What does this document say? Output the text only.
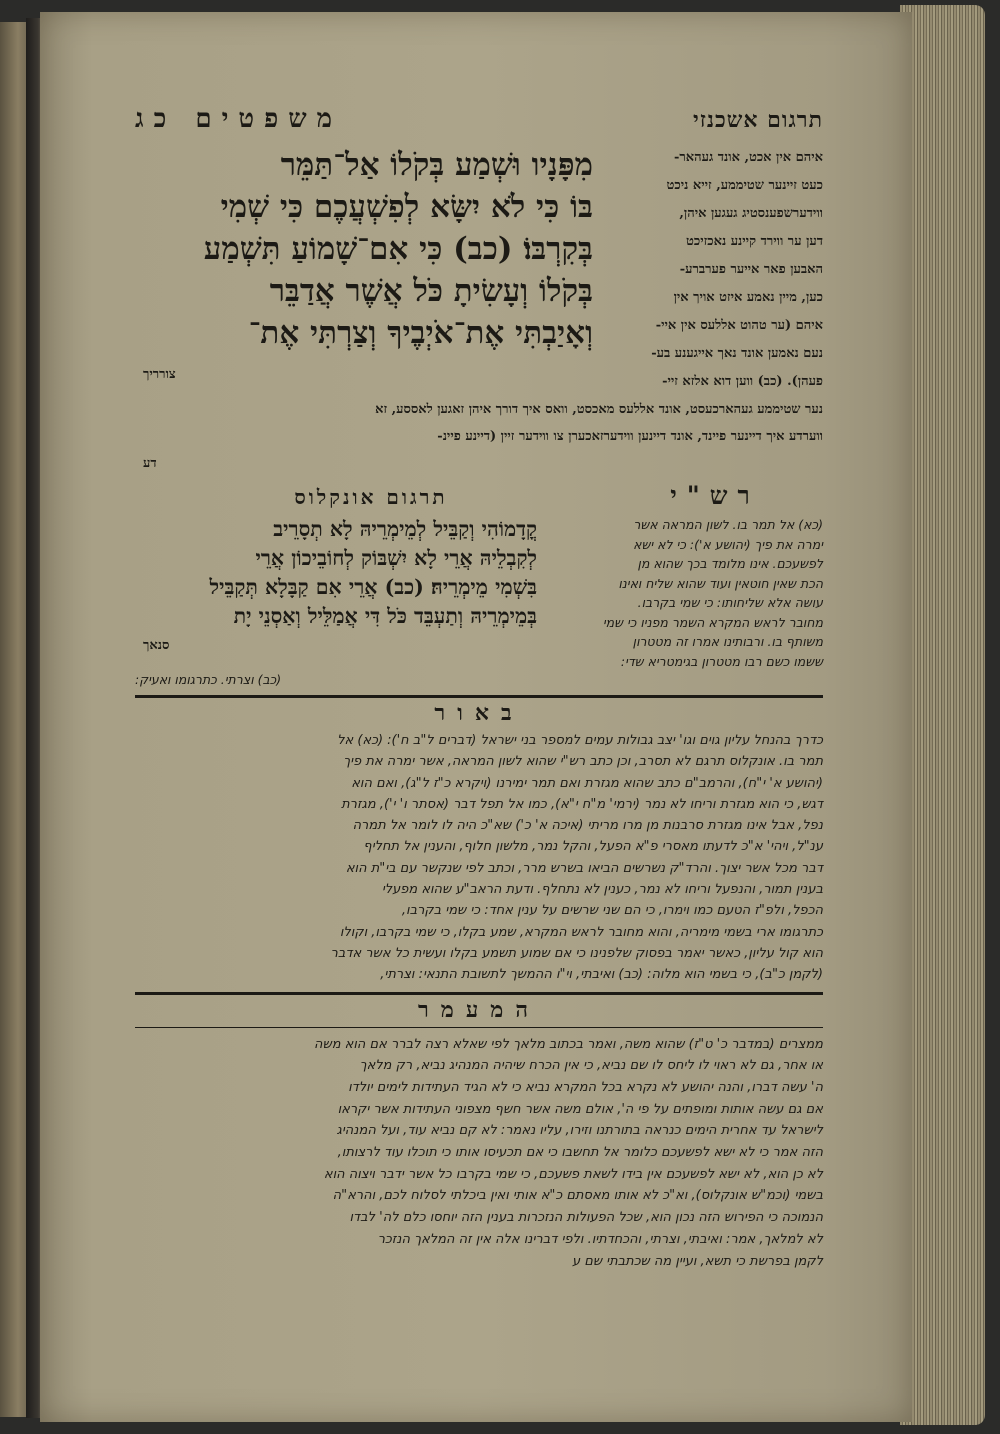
תרגום אשכנזי
משפטים כג
איהם אין אכט, אונד געהאר-
כעט זיינער שטיממע, זייא ניכט
ווידערשפענסטיג געגען איהן,
דען ער ווירד קיינע נאכזיכט
האבען פאר אייער פערברע-
כען, מיין נאמע איזט אויך אין
איהם (ער טהוט אללעס אין איי-
נעם נאמען אונד נאך אייגענע בע-
פעהן). (כב) ווען דוא אלזא זיי-
מִפָּנָיו וּשְׁמַע בְּקֹלוֹ אַל־תַּמֵּר
בּוֹ כִּי לֹא יִשָּׂא לְפִשְׁעֲכֶם כִּי שְׁמִי
בְּקִרְבּוֹ׃ (כב) כִּי אִם־שָׁמוֹעַ תִּשְׁמַע
בְּקֹלוֹ וְעָשִׂיתָ כֹּל אֲשֶׁר אֲדַבֵּר
וְאָיַבְתִּי אֶת־אֹיְבֶיךָ וְצַרְתִּי אֶת־
צורריך
נער שטיממע געהארכעסט, אונד אללעס מאכסט, וואס איך דורך איהן זאגען לאססע, זא
ווערדע איך דיינער פיינד, אונד דיינען ווידערזאכערן צו ווידער זיין (דיינע פיינ-
דע
רש"י
תרגום אונקלוס
(כא) אל תמר בו. לשון המראה אשר
ימרה את פיך (יהושע א'): כי לא ישא
לפשעכם. אינו מלומד בכך שהוא מן
הכת שאין חוטאין ועוד שהוא שליח ואינו
עושה אלא שליחותו: כי שמי בקרבו.
מחובר לראש המקרא השמר מפניו כי שמי
משותף בו. ורבותינו אמרו זה מטטרון
ששמו כשם רבו מטטרון בגימטריא שדי:
קֳדָמוֹהִי וְקַבֵּיל לְמֵימְרֵיהּ לָא תְסָרֵיב
לְקִבְלֵיהּ אֲרֵי לָא יִשְׁבּוֹק לְחוֹבֵיכוֹן אֲרֵי
בִּשְׁמִי מֵימְרֵיהּ׃ (כב) אֲרֵי אִם קַבָּלָא תְּקַבֵּיל
בְּמֵימְרֵיהּ וְתַעְבֵּד כֹּל דִּי אֲמַלֵּיל וְאַסְנֵי יָת
סנאך
(כב) וצרתי. כתרגומו ואעיק:
באור
כדרך בהנחל עליון גוים וגו' יצב גבולות עמים למספר בני ישראל (דברים ל"ב ח'): (כא) אל
תמר בו. אונקלוס תרגם לא תסרב, וכן כתב רש"י שהוא לשון המראה, אשר ימרה את פיך
(יהושע א' י"ח), והרמב"ם כתב שהוא מגזרת ואם תמר ימירנו (ויקרא כ"ז ל"ג), ואם הוא
דגש, כי הוא מגזרת וריחו לא נמר (ירמי' מ"ח י"א), כמו אל תפל דבר (אסתר ו' י'), מגזרת
נפל, אבל אינו מגזרת סרבנות מן מרו מריתי (איכה א' כ') שא"כ היה לו לומר אל תמרה
ענ"ל, ויהי' א"כ לדעתו מאסרי פ"א הפעל, והקל נמר, מלשון חלוף, והענין אל תחליף
דבר מכל אשר יצוך. והרד"ק נשרשים הביאו בשרש מרר, וכתב לפי שנקשר עם בי"ת הוא
בענין תמור, והנפעל וריחו לא נמר, כענין לא נתחלף. ודעת הראב"ע שהוא מפעלי
הכפל, ולפ"ז הטעם כמו וימרו, כי הם שני שרשים על ענין אחד: כי שמי בקרבו,
כתרגומו ארי בשמי מימריה, והוא מחובר לראש המקרא, שמע בקלו, כי שמי בקרבו, וקולו
הוא קול עליון, כאשר יאמר בפסוק שלפנינו כי אם שמוע תשמע בקלו ועשית כל אשר אדבר
(לקמן כ"ב), כי בשמי הוא מלוה: (כב) ואיבתי, וי"ו ההמשך לתשובת התנאי: וצרתי,
המעמר
ממצרים (במדבר כ' ט"ז) שהוא משה, ואמר בכתוב מלאך לפי שאלא רצה לברר אם הוא משה
או אחר, גם לא ראוי לו ליחס לו שם נביא, כי אין הכרח שיהיה המנהיג נביא, רק מלאך
ה' עשה דברו, והנה יהושע לא נקרא בכל המקרא נביא כי לא הגיד העתידות לימים יולדו
אם גם עשה אותות ומופתים על פי ה', אולם משה אשר חשף מצפוני העתידות אשר יקראו
לישראל עד אחרית הימים כנראה בתורתנו וזירו, עליו נאמר: לא קם נביא עוד, ועל המנהיג
הזה אמר כי לא ישא לפשעכם כלומר אל תחשבו כי אם תכעיסו אותו כי תוכלו עוד לרצותו,
לא כן הוא, לא ישא לפשעכם אין בידו לשאת פשעכם, כי שמי בקרבו כל אשר ידבר ויצוה הוא
בשמי (וכמ"ש אונקלוס), וא"כ לא אותו מאסתם כ"א אותי ואין ביכלתי לסלוח לכם, והרא"ה
הנמוכה כי הפירוש הזה נכון הוא, שכל הפעולות הנזכרות בענין הזה יוחסו כלם לה' לבדו
לא למלאך, אמר: ואיבתי, וצרתי, והכחדתיו. ולפי דברינו אלה אין זה המלאך הנזכר
לקמן בפרשת כי תשא, ועיין מה שכתבתי שם ע
